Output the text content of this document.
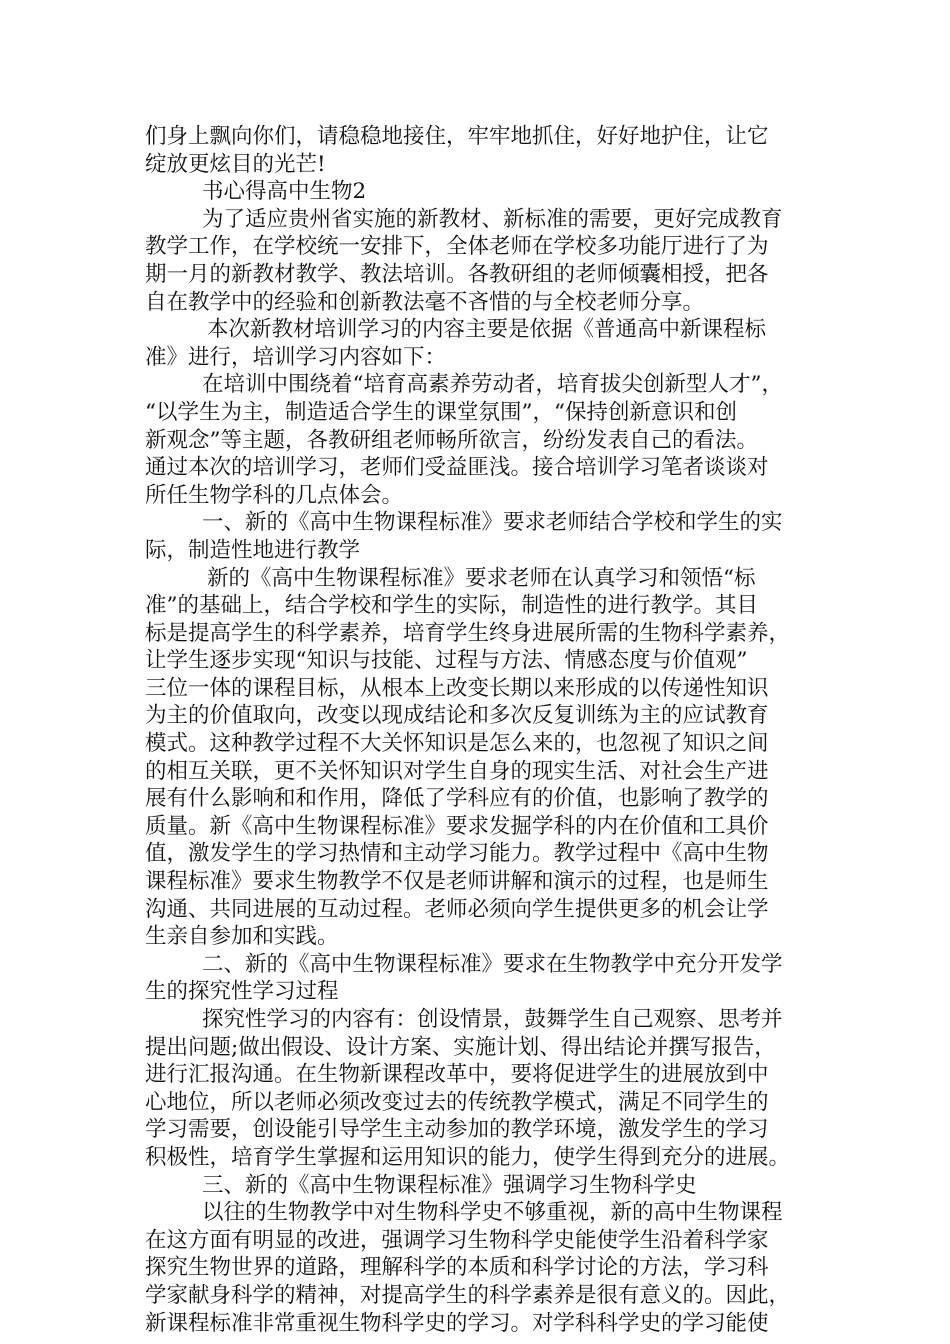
们身上飘向你们，请稳稳地接住，牢牢地抓住，好好地护住，让它
绽放更炫目的光芒!
书心得高中生物2
为了适应贵州省实施的新教材、新标准的需要，更好完成教育
教学工作，在学校统一安排下，全体老师在学校多功能厅进行了为
期一月的新教材教学、教法培训。各教研组的老师倾囊相授，把各
自在教学中的经验和创新教法毫不吝惜的与全校老师分享。
本次新教材培训学习的内容主要是依据《普通高中新课程标
准》进行，培训学习内容如下：
在培训中围绕着“培育高素养劳动者，培育拔尖创新型人才”，
“以学生为主，制造适合学生的课堂氛围”，“保持创新意识和创
新观念”等主题，各教研组老师畅所欲言，纷纷发表自己的看法。
通过本次的培训学习，老师们受益匪浅。接合培训学习笔者谈谈对
所任生物学科的几点体会。
一、新的《高中生物课程标准》要求老师结合学校和学生的实
际，制造性地进行教学
新的《高中生物课程标准》要求老师在认真学习和领悟“标
准”的基础上，结合学校和学生的实际，制造性的进行教学。其目
标是提高学生的科学素养，培育学生终身进展所需的生物科学素养，
让学生逐步实现“知识与技能、过程与方法、情感态度与价值观”
三位一体的课程目标，从根本上改变长期以来形成的以传递性知识
为主的价值取向，改变以现成结论和多次反复训练为主的应试教育
模式。这种教学过程不大关怀知识是怎么来的，也忽视了知识之间
的相互关联，更不关怀知识对学生自身的现实生活、对社会生产进
展有什么影响和和作用，降低了学科应有的价值，也影响了教学的
质量。新《高中生物课程标准》要求发掘学科的内在价值和工具价
值，激发学生的学习热情和主动学习能力。教学过程中《高中生物
课程标准》要求生物教学不仅是老师讲解和演示的过程，也是师生
沟通、共同进展的互动过程。老师必须向学生提供更多的机会让学
生亲自参加和实践。
二、新的《高中生物课程标准》要求在生物教学中充分开发学
生的探究性学习过程
探究性学习的内容有：创设情景，鼓舞学生自己观察、思考并
提出问题;做出假设、设计方案、实施计划、得出结论并撰写报告，
进行汇报沟通。在生物新课程改革中，要将促进学生的进展放到中
心地位，所以老师必须改变过去的传统教学模式，满足不同学生的
学习需要，创设能引导学生主动参加的教学环境，激发学生的学习
积极性，培育学生掌握和运用知识的能力，使学生得到充分的进展。
三、新的《高中生物课程标准》强调学习生物科学史
以往的生物教学中对生物科学史不够重视，新的高中生物课程
在这方面有明显的改进，强调学习生物科学史能使学生沿着科学家
探究生物世界的道路，理解科学的本质和科学讨论的方法，学习科
学家献身科学的精神，对提高学生的科学素养是很有意义的。因此，
新课程标准非常重视生物科学史的学习。对学科科学史的学习能使
